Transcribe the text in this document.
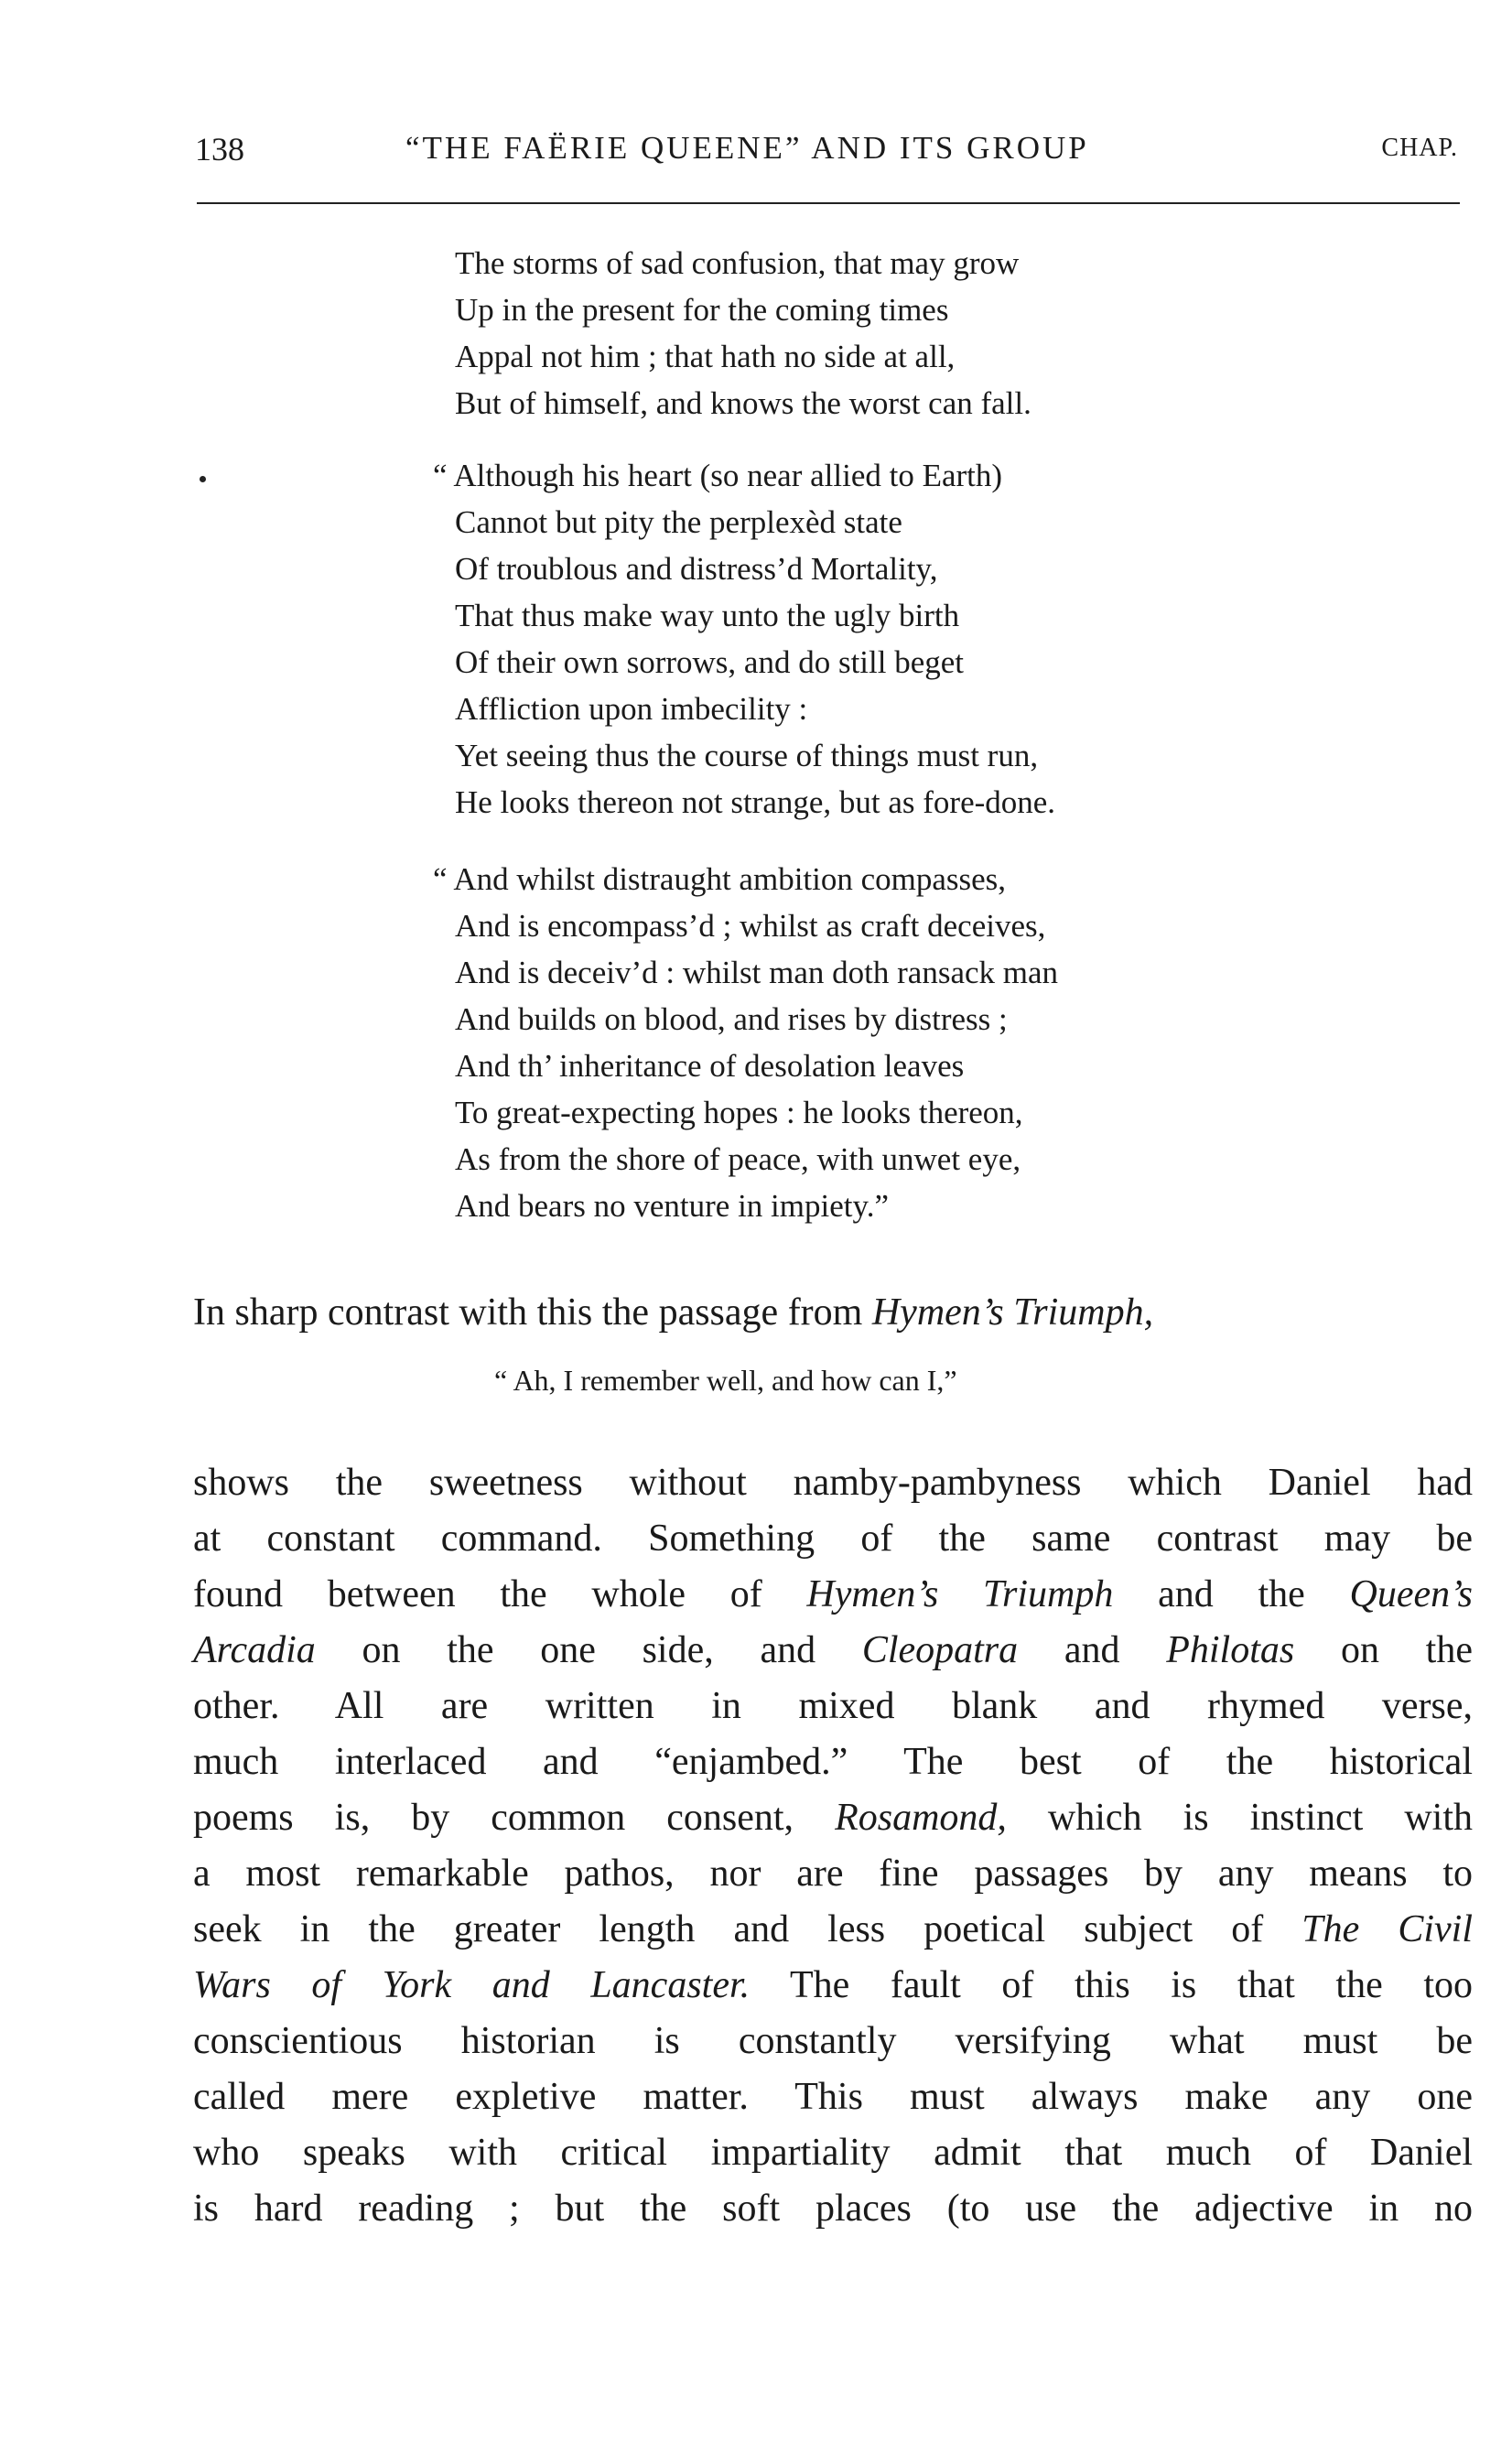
138	“THE FAËRIE QUEENE” AND ITS GROUP	CHAP.
The storms of sad confusion, that may grow
Up in the present for the coming times
Appal not him ; that hath no side at all,
But of himself, and knows the worst can fall.
“ Although his heart (so near allied to Earth)
Cannot but pity the perplexèd state
Of troublous and distress’d Mortality,
That thus make way unto the ugly birth
Of their own sorrows, and do still beget
Affliction upon imbecility :
Yet seeing thus the course of things must run,
He looks thereon not strange, but as fore-done.
“ And whilst distraught ambition compasses,
And is encompass’d ; whilst as craft deceives,
And is deceiv’d : whilst man doth ransack man
And builds on blood, and rises by distress ;
And th’ inheritance of desolation leaves
To great-expecting hopes : he looks thereon,
As from the shore of peace, with unwet eye,
And bears no venture in impiety.”
In sharp contrast with this the passage from Hymen’s Triumph,
“ Ah, I remember well, and how can I,”
shows the sweetness without namby-pambyness which Daniel had
at constant command. Something of the same contrast may be
found between the whole of Hymen’s Triumph and the Queen’s
Arcadia on the one side, and Cleopatra and Philotas on the
other. All are written in mixed blank and rhymed verse,
much interlaced and “enjambed.” The best of the historical
poems is, by common consent, Rosamond, which is instinct with
a most remarkable pathos, nor are fine passages by any means to
seek in the greater length and less poetical subject of The Civil
Wars of York and Lancaster. The fault of this is that the too
conscientious historian is constantly versifying what must be
called mere expletive matter. This must always make any one
who speaks with critical impartiality admit that much of Daniel
is hard reading ; but the soft places (to use the adjective in no
